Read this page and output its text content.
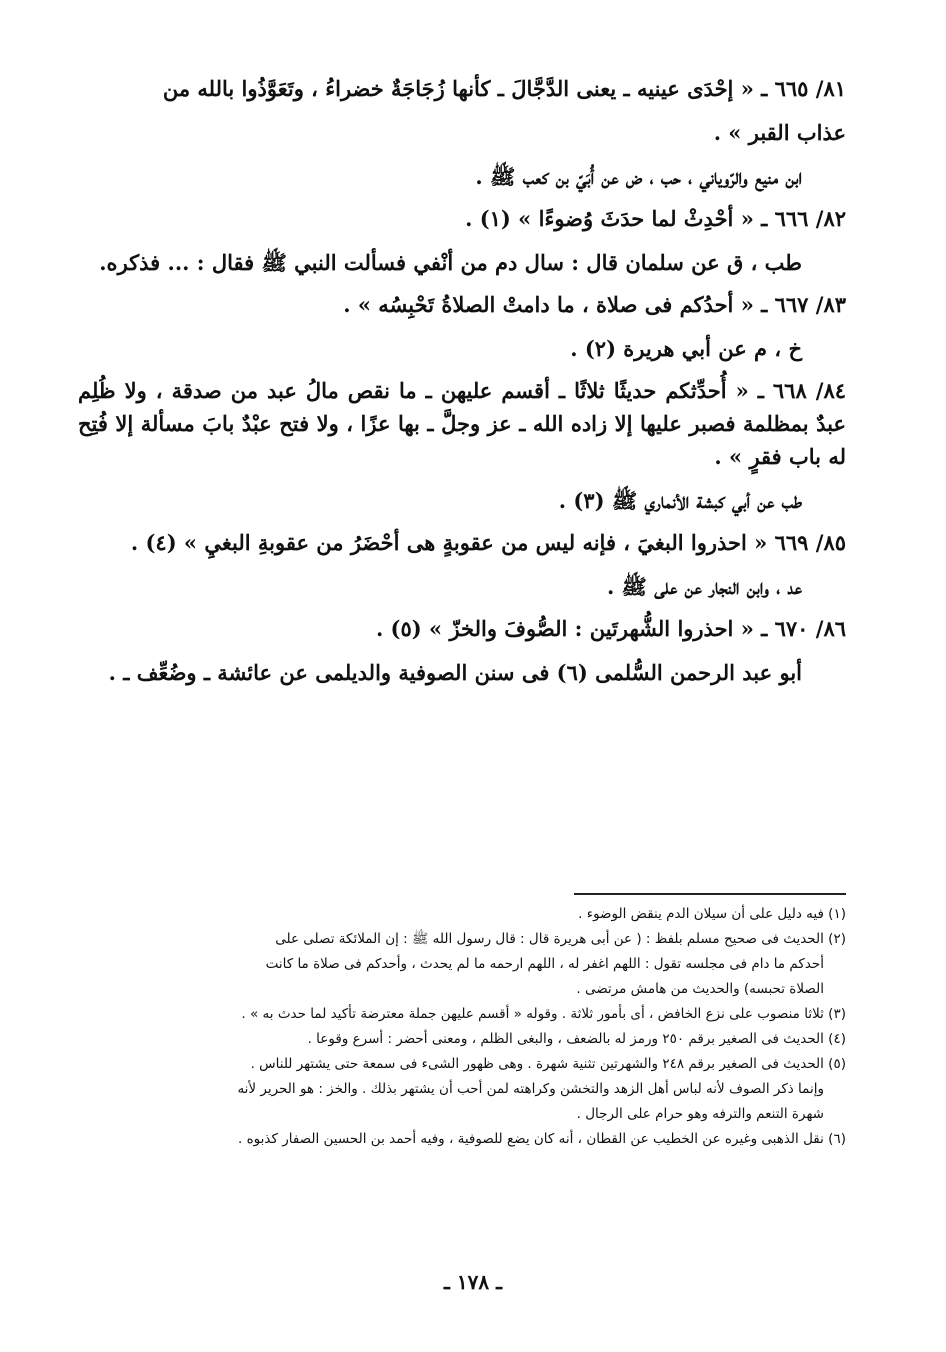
٨١/ ٦٦٥ ـ « إحْدَى عينيه ـ يعنى الدَّجَّالَ ـ كأنها زُجَاجَةٌ خضراءُ ، وتَعَوَّذُوا بالله من

عذاب القبر » .

ابن منيع والرّوياني ، حب ، ض عن أُبَيّ بن كعب ﷺ .

٨٢/ ٦٦٦ ـ « أحْدِثْ لما حدَثَ وُضوءًا » (١) .

طب ، ق عن سلمان قال : سال دم من أنْفي فسألت النبي ﷺ فقال : ... فذكره.

٨٣/ ٦٦٧ ـ « أحدُكم فى صلاة ، ما دامتْ الصلاةُ تَحْبِسُه » .

خ ، م عن أبي هريرة (٢) .

٨٤/ ٦٦٨ ـ « أُحدِّثكم حديثًا ثلاثًا ـ أقسم عليهن ـ ما نقص مالُ عبد من صدقة ، ولا ظُلِم عبدٌ بمظلمة فصبر عليها إلا زاده الله ـ عز وجلَّ ـ بها عزًا ، ولا فتح عبْدٌ بابَ مسألة إلا فُتِح له باب فقرٍ » .

طب عن أبي كبشة الأنماري ﷺ (٣) .

٨٥/ ٦٦٩ « احذروا البغيَ ، فإنه ليس من عقوبةٍ هى أحْضَرُ من عقوبةِ البغيِ » (٤) .

عد ، وابن النجار عن على ﷺ .

٨٦/ ٦٧٠ ـ « احذروا الشُّهرتَين : الصُّوفَ والخزّ » (٥) .

أبو عبد الرحمن السُّلمى (٦) فى سنن الصوفية والديلمى عن عائشة ـ وضُعِّف ـ .

(١) فيه دليل على أن سيلان الدم ينقض الوضوء .

(٢) الحديث فى صحيح مسلم بلفظ : ( عن أبى هريرة قال : قال رسول الله ﷺ : إن الملائكة تصلى على

أحدكم ما دام فى مجلسه تقول : اللهم اغفر له ، اللهم ارحمه ما لم يحدث ، وأحدكم فى صلاة ما كانت

الصلاة تحبسه) والحديث من هامش مرتضى .

(٣) ثلاثا منصوب على نزع الخافض ، أى بأمور ثلاثة . وقوله « أقسم عليهن جملة معترضة تأكيد لما حدث به » .

(٤) الحديث فى الصغير برقم ٢٥٠ ورمز له بالضعف ، والبغى الظلم ، ومعنى أحضر : أسرع وقوعا .

(٥) الحديث فى الصغير برقم ٢٤٨ والشهرتين تثنية شهرة . وهى ظهور الشىء فى سمعة حتى يشتهر للناس .

وإنما ذكر الصوف لأنه لباس أهل الزهد والتخشن وكراهته لمن أحب أن يشتهر بذلك . والخز : هو الحرير لأنه

شهرة التنعم والترفه وهو حرام على الرجال .

(٦) نقل الذهبى وغيره عن الخطيب عن القطان ، أنه كان يضع للصوفية ، وفيه أحمد بن الحسين الصفار كذبوه .

ـ ١٧٨ ـ
